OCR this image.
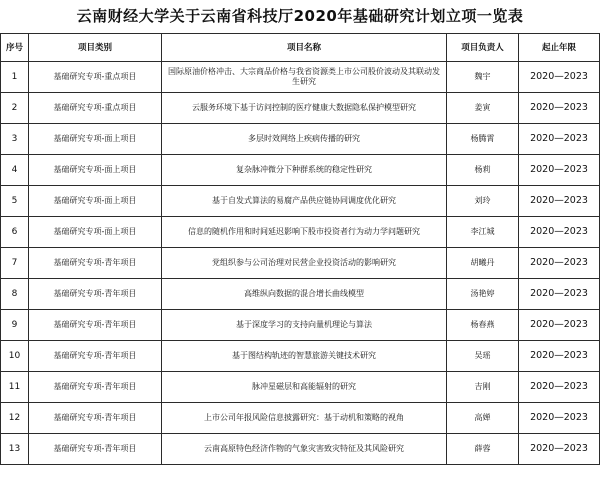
云南财经大学关于云南省科技厅2020年基础研究计划立项一览表
序号	项目类别	项目名称	项目负责人	起止年限
1	基础研究专项-重点项目	国际原油价格冲击、大宗商品价格与我省资源类上市公司股价波动及其联动发生研究	魏宇	2020—2023
2	基础研究专项-重点项目	云服务环境下基于访问控制的医疗健康大数据隐私保护模型研究	姜寅	2020—2023
3	基础研究专项-面上项目	多层时效网络上疾病传播的研究	杨腾霄	2020—2023
4	基础研究专项-面上项目	复杂脉冲微分下种群系统的稳定性研究	杨莉	2020—2023
5	基础研究专项-面上项目	基于自发式算法的易腐产品供应链协同调度优化研究	刘玲	2020—2023
6	基础研究专项-面上项目	信息的随机作用和时间延迟影响下股市投资者行为动力学问题研究	李江城	2020—2023
7	基础研究专项-青年项目	党组织参与公司治理对民营企业投资活动的影响研究	胡曦丹	2020—2023
8	基础研究专项-青年项目	高维纵向数据的混合增长曲线模型	汤艳婷	2020—2023
9	基础研究专项-青年项目	基于深度学习的支持向量机理论与算法	杨春燕	2020—2023
10	基础研究专项-青年项目	基于图结构轨迹的智慧旅游关键技术研究	吴瑶	2020—2023
11	基础研究专项-青年项目	脉冲星磁层和高能辐射的研究	吉刚	2020—2023
12	基础研究专项-青年项目	上市公司年报风险信息披露研究：基于动机和策略的视角	高婵	2020—2023
13	基础研究专项-青年项目	云南高原特色经济作物的气象灾害致灾特征及其风险研究	薛蓉	2020—2023
